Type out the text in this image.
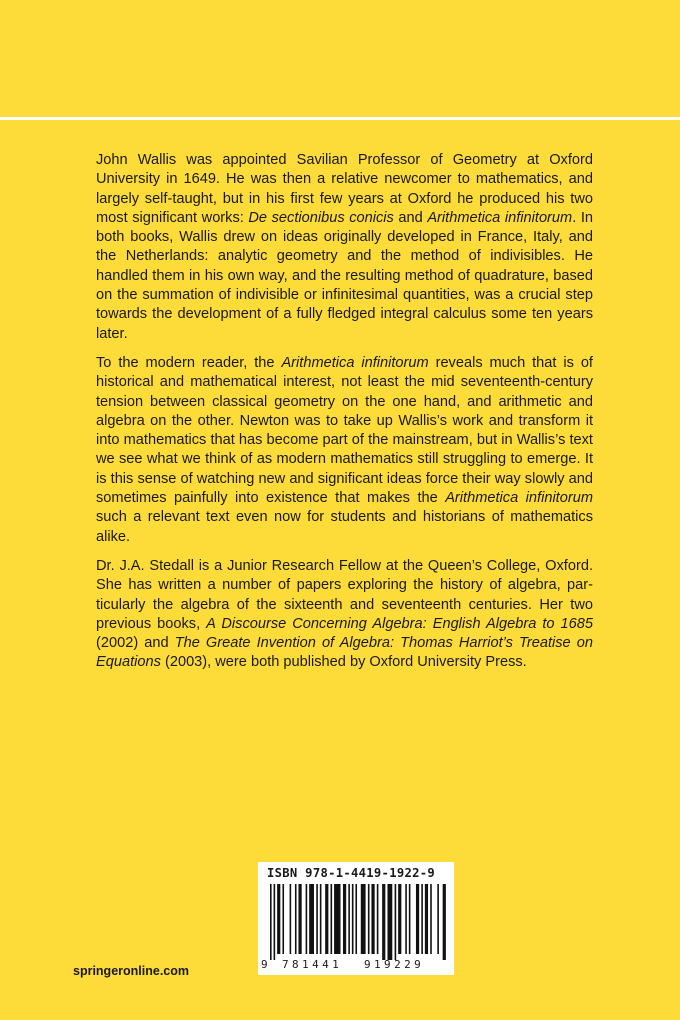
John Wallis was appointed Savilian Professor of Geometry at Oxford University in 1649. He was then a relative newcomer to mathematics, and largely self-taught, but in his first few years at Oxford he produced his two most significant works: De sectionibus conicis and Arithmetica infinitorum. In both books, Wallis drew on ideas originally developed in France, Italy, and the Netherlands: analytic geometry and the method of indivisibles. He handled them in his own way, and the resulting method of quadrature, based on the summation of indivisible or infinitesimal quantities, was a crucial step towards the development of a fully fledged integral calculus some ten years later.

To the modern reader, the Arithmetica infinitorum reveals much that is of historical and mathematical interest, not least the mid seventeenth-century tension between classical geometry on the one hand, and arithmetic and algebra on the other. Newton was to take up Wallis’s work and transform it into mathematics that has become part of the mainstream, but in Wallis’s text we see what we think of as modern mathematics still struggling to emerge. It is this sense of watching new and significant ideas force their way slowly and sometimes painfully into existence that makes the Arithmetica infinitorum such a relevant text even now for students and historians of mathematics alike.

Dr. J.A. Stedall is a Junior Research Fellow at the Queen’s College, Oxford. She has written a number of papers exploring the history of algebra, particularly the algebra of the sixteenth and seventeenth centuries. Her two previous books, A Discourse Concerning Algebra: English Algebra to 1685 (2002) and The Greate Invention of Algebra: Thomas Harriot’s Treatise on Equations (2003), were both published by Oxford University Press.

ISBN 978-1-4419-1922-9
9 781441 919229
springeronline.com
